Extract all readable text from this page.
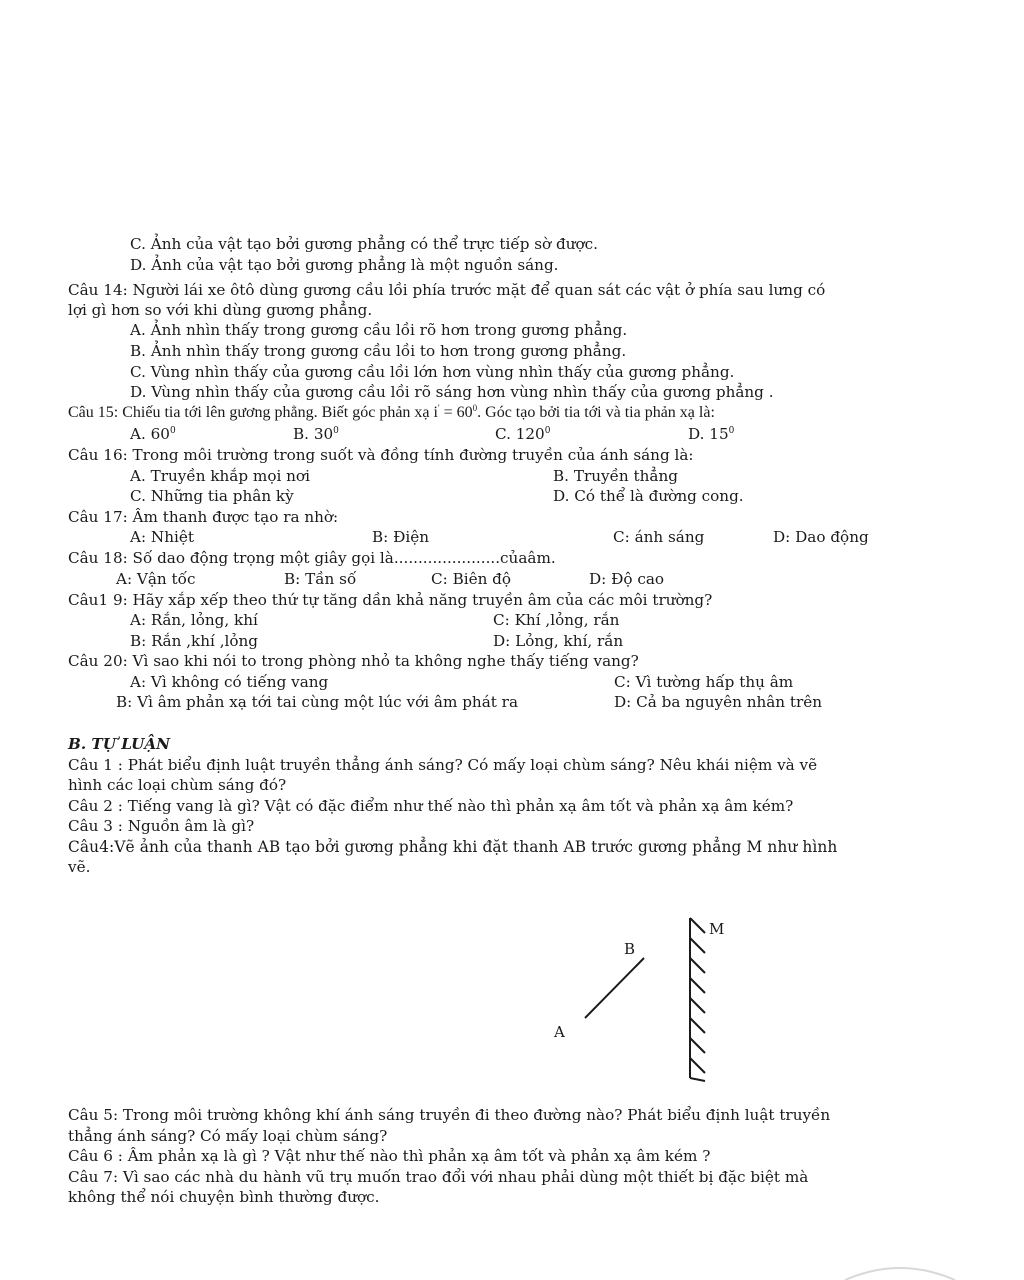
C. Ảnh của vật tạo bởi gương phẳng có thể trực tiếp sờ được.
D. Ảnh của vật tạo bởi gương phẳng là một nguồn sáng.
Câu 14: Người lái xe ôtô dùng gương cầu lồi phía trước mặt để quan sát các vật ở phía sau lưng có
lợi gì hơn so với khi dùng gương phẳng.
A. Ảnh nhìn thấy trong gương cầu lồi rõ hơn trong gương phẳng.
B. Ảnh nhìn thấy trong gương cầu lồi to hơn trong gương phẳng.
C. Vùng nhìn thấy của gương cầu lồi lớn hơn vùng nhìn thấy của gương phẳng.
D. Vùng nhìn thấy của gương cầu lồi rõ sáng hơn vùng nhìn thấy của gương phẳng .
Câu 15: Chiếu tia tới lên gương phẳng. Biết góc phản xạ $i' = 60^0$. Góc tạo bởi tia tới và tia phản xạ là:
A. $60^0$	B. $30^0$	C. $120^0$	D. $15^0$
Câu 16: Trong môi trường trong suốt và đồng tính đường truyền của ánh sáng là:
A. Truyền khắp mọi nơi	B. Truyền thẳng
C. Những tia phân kỳ	D. Có thể là đường cong.
Câu 17: Âm thanh được tạo ra nhờ:
A: Nhiệt	B: Điện	C: ánh sáng	D: Dao động
Câu 18: Số dao động trọng một giây gọi là......................củaâm.
A: Vận tốc	B: Tần số	C: Biên độ	D: Độ cao
Câu1 9: Hãy xắp xếp theo thứ tự tăng dần khả năng truyền âm của các môi trường?
A: Rắn, lỏng, khí	C: Khí ,lỏng, rắn
B: Rắn ,khí ,lỏng	D: Lỏng, khí, rắn
Câu 20: Vì sao khi nói to trong phòng nhỏ ta không nghe thấy tiếng vang?
A: Vì không có tiếng vang	C: Vì tường hấp thụ âm
B: Vì âm phản xạ tới tai cùng một lúc với âm phát ra	D: Cả ba nguyên nhân trên
B. TỰ LUẬN
Câu 1 : Phát biểu định luật truyền thẳng ánh sáng? Có mấy loại chùm sáng? Nêu khái niệm và vẽ
hình các loại chùm sáng đó?
Câu 2 : Tiếng vang là gì? Vật có đặc điểm như thế nào thì phản xạ âm tốt và phản xạ âm kém?
Câu 3 : Nguồn âm là gì?
Câu4:Vẽ ảnh của thanh AB tạo bởi gương phẳng khi đặt thanh AB trước gương phẳng M như hình
vẽ.
M
B
A
Câu 5: Trong môi trường không khí ánh sáng truyền đi theo đường nào? Phát biểu định luật truyền
thẳng ánh sáng? Có mấy loại chùm sáng?
Câu 6 : Âm phản xạ là gì ? Vật như thế nào thì phản xạ âm tốt và phản xạ âm kém ?
Câu 7: Vì sao các nhà du hành vũ trụ muốn trao đổi với nhau phải dùng một thiết bị đặc biệt mà
không thể nói chuyện bình thường được.
